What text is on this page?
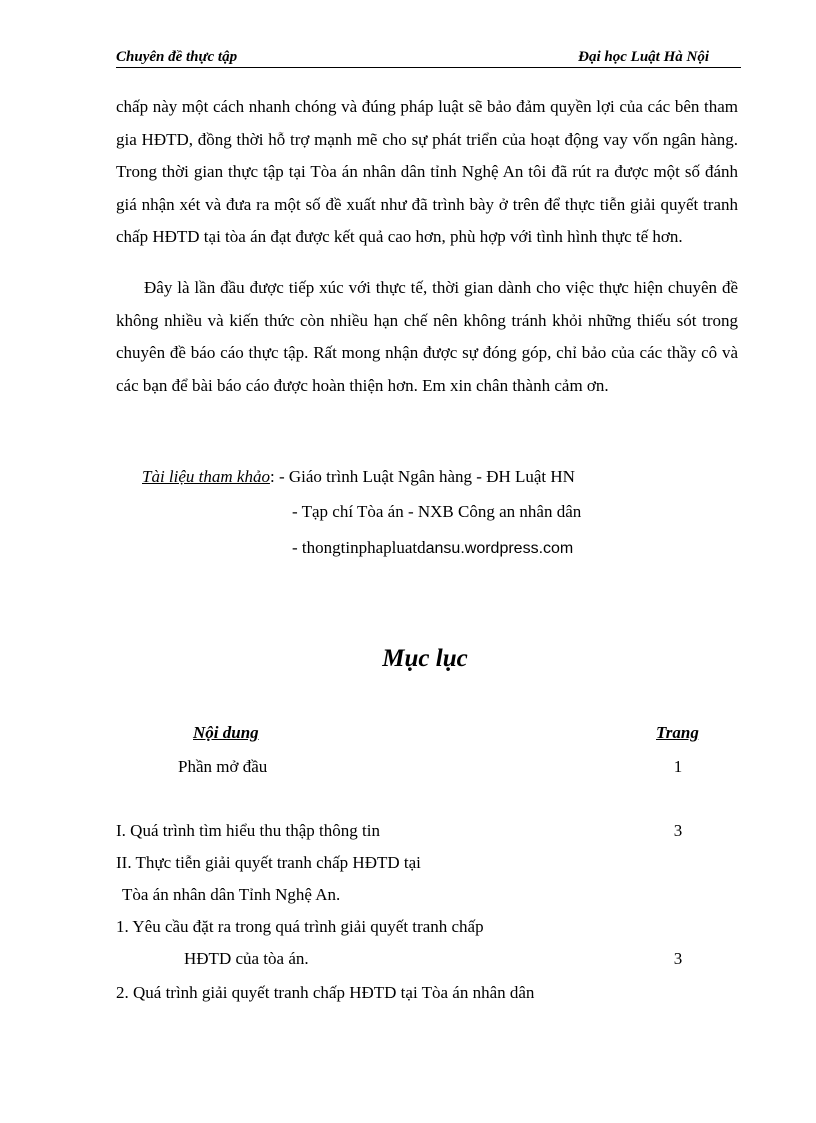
Chuyên đề thực tập	Đại học Luật Hà Nội

chấp này một cách nhanh chóng và đúng pháp luật sẽ bảo đảm quyền lợi của các bên tham gia HĐTD, đồng thời hỗ trợ mạnh mẽ cho sự phát triển của hoạt động vay vốn ngân hàng. Trong thời gian thực tập tại Tòa án nhân dân tỉnh Nghệ An tôi đã rút ra được một số đánh giá nhận xét và đưa ra một số đề xuất như đã trình bày ở trên để thực tiễn giải quyết tranh chấp HĐTD tại tòa án đạt được kết quả cao hơn, phù hợp với tình hình thực tế hơn.

Đây là lần đầu được tiếp xúc với thực tế, thời gian dành cho việc thực hiện chuyên đề không nhiều và kiến thức còn nhiều hạn chế nên không tránh khỏi những thiếu sót trong chuyên đề báo cáo thực tập. Rất mong nhận được sự đóng góp, chỉ bảo của các thầy cô và các bạn để bài báo cáo được hoàn thiện hơn. Em xin chân thành cảm ơn.

Tài liệu tham khảo: - Giáo trình Luật Ngân hàng - ĐH Luật HN
- Tạp chí Tòa án - NXB Công an nhân dân
- thongtinphapluatdansu.wordpress.com
Mục lục
Nội dung	Trang
Phần mở đầu	1
I. Quá trình tìm hiểu thu thập thông tin	3
II. Thực tiễn giải quyết tranh chấp HĐTD tại
Tòa án nhân dân Tỉnh Nghệ An.
1. Yêu cầu đặt ra trong quá trình giải quyết tranh chấp
HĐTD của tòa án.	3
2. Quá trình giải quyết tranh chấp HĐTD tại Tòa án nhân dân
